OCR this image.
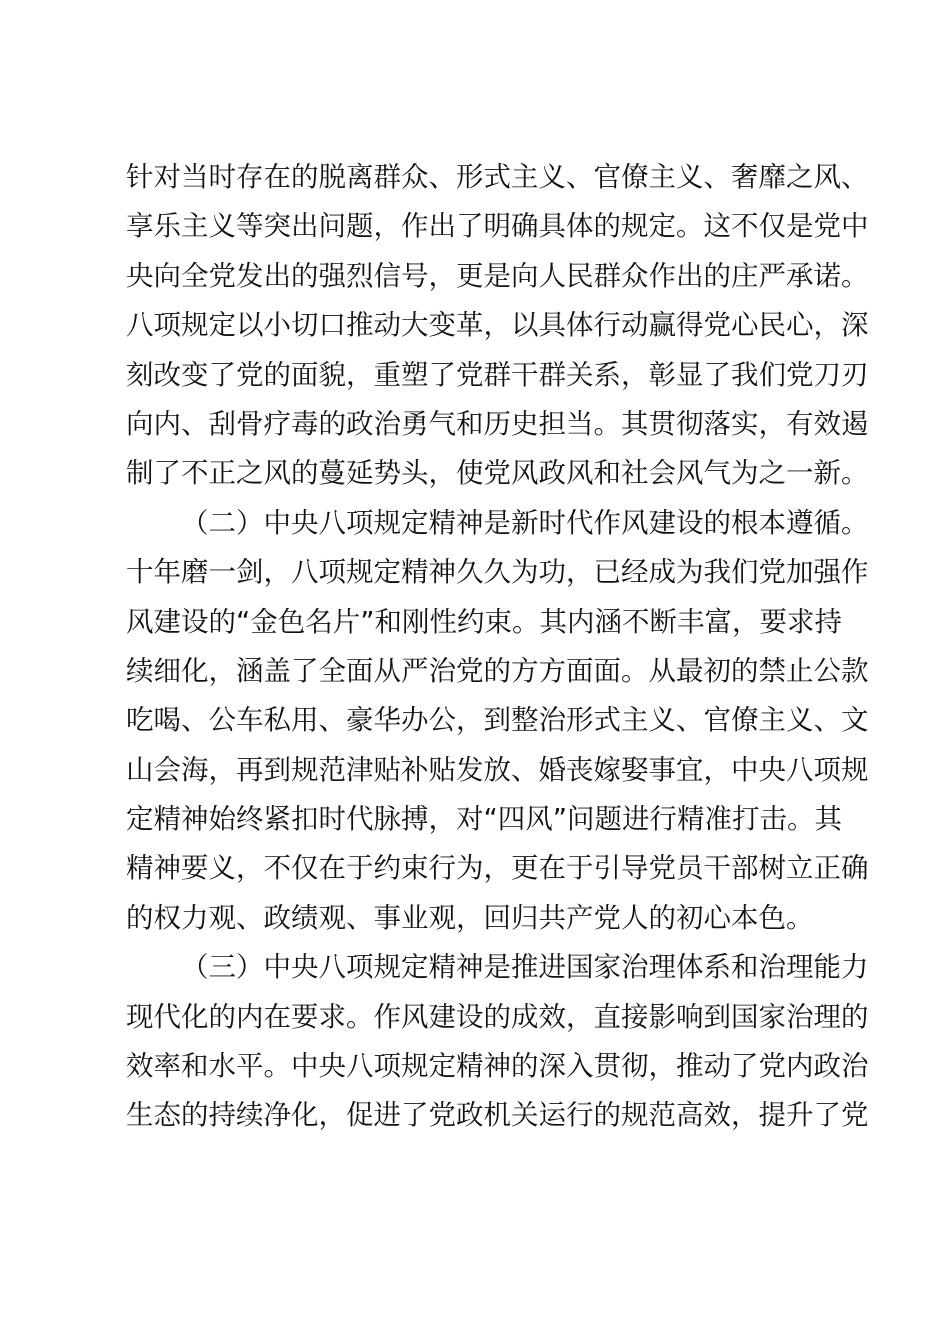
针对当时存在的脱离群众、形式主义、官僚主义、奢靡之风、
享乐主义等突出问题，作出了明确具体的规定。这不仅是党中
央向全党发出的强烈信号，更是向人民群众作出的庄严承诺。
八项规定以小切口推动大变革，以具体行动赢得党心民心，深
刻改变了党的面貌，重塑了党群干群关系，彰显了我们党刀刃
向内、刮骨疗毒的政治勇气和历史担当。其贯彻落实，有效遏
制了不正之风的蔓延势头，使党风政风和社会风气为之一新。
（二）中央八项规定精神是新时代作风建设的根本遵循。
十年磨一剑，八项规定精神久久为功，已经成为我们党加强作
风建设的“金色名片”和刚性约束。其内涵不断丰富，要求持
续细化，涵盖了全面从严治党的方方面面。从最初的禁止公款
吃喝、公车私用、豪华办公，到整治形式主义、官僚主义、文
山会海，再到规范津贴补贴发放、婚丧嫁娶事宜，中央八项规
定精神始终紧扣时代脉搏，对“四风”问题进行精准打击。其
精神要义，不仅在于约束行为，更在于引导党员干部树立正确
的权力观、政绩观、事业观，回归共产党人的初心本色。
（三）中央八项规定精神是推进国家治理体系和治理能力
现代化的内在要求。作风建设的成效，直接影响到国家治理的
效率和水平。中央八项规定精神的深入贯彻，推动了党内政治
生态的持续净化，促进了党政机关运行的规范高效，提升了党
